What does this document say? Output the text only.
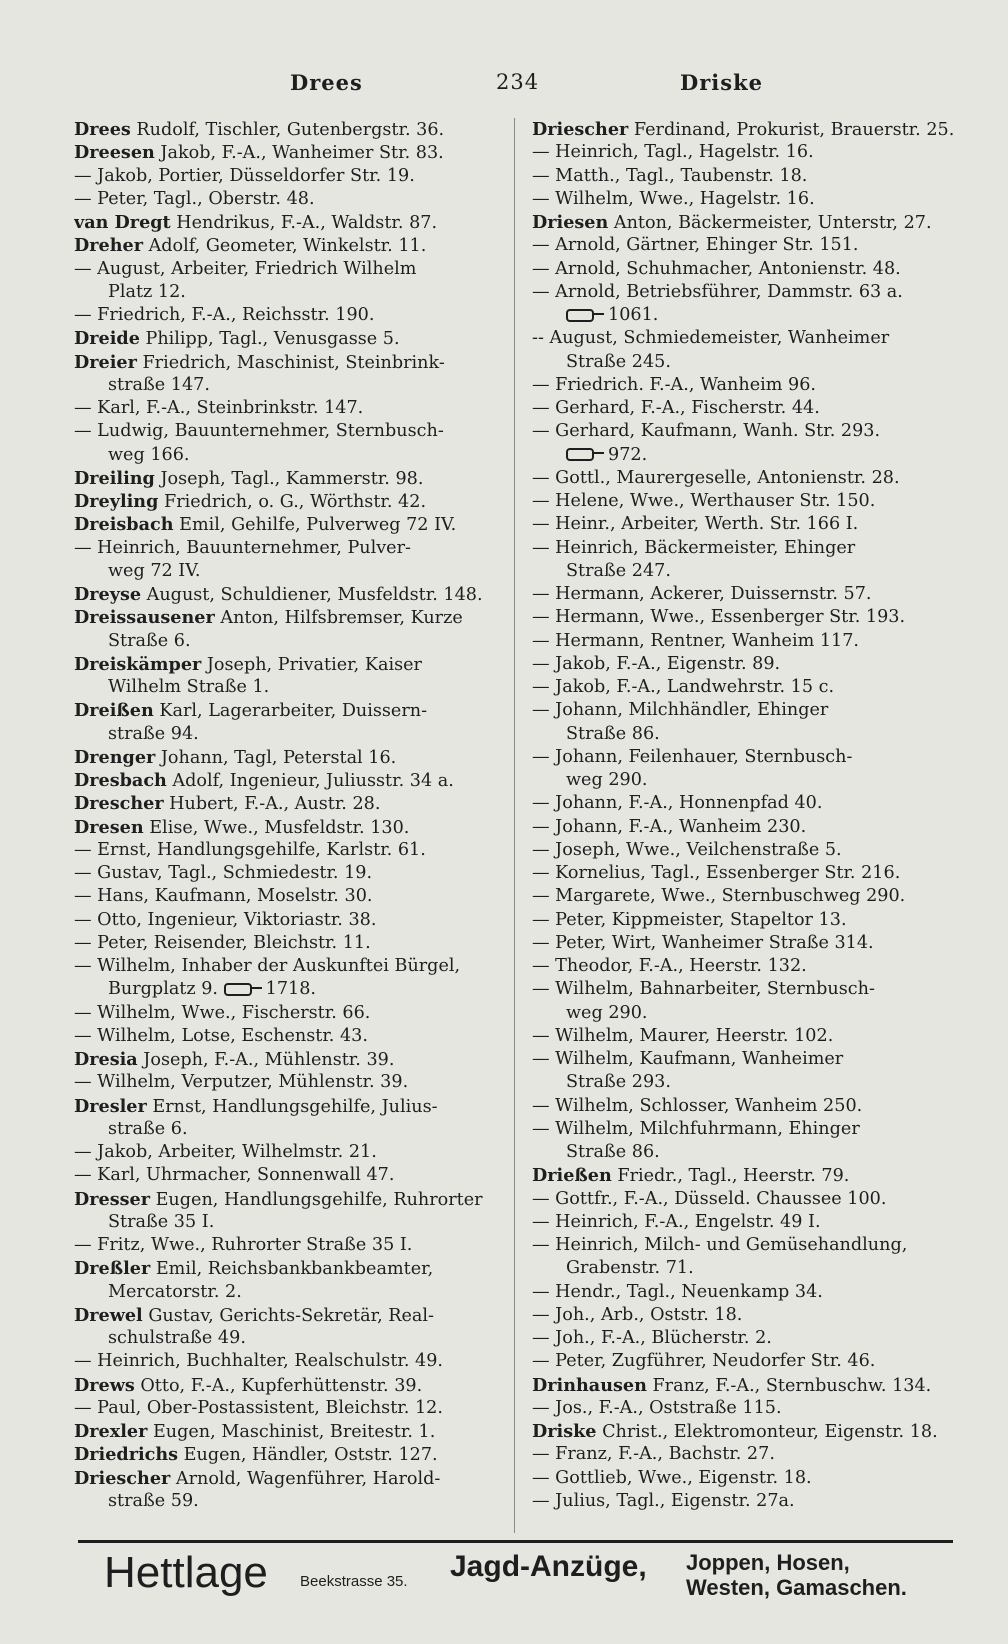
Drees	234	Driske
Drees Rudolf, Tischler, Gutenbergstr. 36.
Dreesen Jakob, F.-A., Wanheimer Str. 83.
— Jakob, Portier, Düsseldorfer Str. 19.
— Peter, Tagl., Oberstr. 48.
van Dregt Hendrikus, F.-A., Waldstr. 87.
Dreher Adolf, Geometer, Winkelstr. 11.
— August, Arbeiter, Friedrich Wilhelm
Platz 12.
— Friedrich, F.-A., Reichsstr. 190.
Dreide Philipp, Tagl., Venusgasse 5.
Dreier Friedrich, Maschinist, Steinbrink-
straße 147.
— Karl, F.-A., Steinbrinkstr. 147.
— Ludwig, Bauunternehmer, Sternbusch-
weg 166.
Dreiling Joseph, Tagl., Kammerstr. 98.
Dreyling Friedrich, o. G., Wörthstr. 42.
Dreisbach Emil, Gehilfe, Pulverweg 72 IV.
— Heinrich, Bauunternehmer, Pulver-
weg 72 IV.
Dreyse August, Schuldiener, Musfeldstr. 148.
Dreissausener Anton, Hilfsbremser, Kurze
Straße 6.
Dreiskämper Joseph, Privatier, Kaiser
Wilhelm Straße 1.
Dreißen Karl, Lagerarbeiter, Duissern-
straße 94.
Drenger Johann, Tagl, Peterstal 16.
Dresbach Adolf, Ingenieur, Juliusstr. 34 a.
Drescher Hubert, F.-A., Austr. 28.
Dresen Elise, Wwe., Musfeldstr. 130.
— Ernst, Handlungsgehilfe, Karlstr. 61.
— Gustav, Tagl., Schmiedestr. 19.
— Hans, Kaufmann, Moselstr. 30.
— Otto, Ingenieur, Viktoriastr. 38.
— Peter, Reisender, Bleichstr. 11.
— Wilhelm, Inhaber der Auskunftei Bürgel,
Burgplatz 9.	1718.
— Wilhelm, Wwe., Fischerstr. 66.
— Wilhelm, Lotse, Eschenstr. 43.
Dresia Joseph, F.-A., Mühlenstr. 39.
— Wilhelm, Verputzer, Mühlenstr. 39.
Dresler Ernst, Handlungsgehilfe, Julius-
straße 6.
— Jakob, Arbeiter, Wilhelmstr. 21.
— Karl, Uhrmacher, Sonnenwall 47.
Dresser Eugen, Handlungsgehilfe, Ruhrorter
Straße 35 I.
— Fritz, Wwe., Ruhrorter Straße 35 I.
Dreßler Emil, Reichsbankbankbeamter,
Mercatorstr. 2.
Drewel Gustav, Gerichts-Sekretär, Real-
schulstraße 49.
— Heinrich, Buchhalter, Realschulstr. 49.
Drews Otto, F.-A., Kupferhüttenstr. 39.
— Paul, Ober-Postassistent, Bleichstr. 12.
Drexler Eugen, Maschinist, Breitestr. 1.
Driedrichs Eugen, Händler, Oststr. 127.
Driescher Arnold, Wagenführer, Harold-
straße 59.
Driescher Ferdinand, Prokurist, Brauerstr. 25.
— Heinrich, Tagl., Hagelstr. 16.
— Matth., Tagl., Taubenstr. 18.
— Wilhelm, Wwe., Hagelstr. 16.
Driesen Anton, Bäckermeister, Unterstr, 27.
— Arnold, Gärtner, Ehinger Str. 151.
— Arnold, Schuhmacher, Antonienstr. 48.
— Arnold, Betriebsführer, Dammstr. 63 a.
1061.
-- August, Schmiedemeister, Wanheimer
Straße 245.
— Friedrich. F.-A., Wanheim 96.
— Gerhard, F.-A., Fischerstr. 44.
— Gerhard, Kaufmann, Wanh. Str. 293.
972.
— Gottl., Maurergeselle, Antonienstr. 28.
— Helene, Wwe., Werthauser Str. 150.
— Heinr., Arbeiter, Werth. Str. 166 I.
— Heinrich, Bäckermeister, Ehinger
Straße 247.
— Hermann, Ackerer, Duissernstr. 57.
— Hermann, Wwe., Essenberger Str. 193.
— Hermann, Rentner, Wanheim 117.
— Jakob, F.-A., Eigenstr. 89.
— Jakob, F.-A., Landwehrstr. 15 c.
— Johann, Milchhändler, Ehinger
Straße 86.
— Johann, Feilenhauer, Sternbusch-
weg 290.
— Johann, F.-A., Honnenpfad 40.
— Johann, F.-A., Wanheim 230.
— Joseph, Wwe., Veilchenstraße 5.
— Kornelius, Tagl., Essenberger Str. 216.
— Margarete, Wwe., Sternbuschweg 290.
— Peter, Kippmeister, Stapeltor 13.
— Peter, Wirt, Wanheimer Straße 314.
— Theodor, F.-A., Heerstr. 132.
— Wilhelm, Bahnarbeiter, Sternbusch-
weg 290.
— Wilhelm, Maurer, Heerstr. 102.
— Wilhelm, Kaufmann, Wanheimer
Straße 293.
— Wilhelm, Schlosser, Wanheim 250.
— Wilhelm, Milchfuhrmann, Ehinger
Straße 86.
Drießen Friedr., Tagl., Heerstr. 79.
— Gottfr., F.-A., Düsseld. Chaussee 100.
— Heinrich, F.-A., Engelstr. 49 I.
— Heinrich, Milch- und Gemüsehandlung,
Grabenstr. 71.
— Hendr., Tagl., Neuenkamp 34.
— Joh., Arb., Oststr. 18.
— Joh., F.-A., Blücherstr. 2.
— Peter, Zugführer, Neudorfer Str. 46.
Drinhausen Franz, F.-A., Sternbuschw. 134.
— Jos., F.-A., Oststraße 115.
Driske Christ., Elektromonteur, Eigenstr. 18.
— Franz, F.-A., Bachstr. 27.
— Gottlieb, Wwe., Eigenstr. 18.
— Julius, Tagl., Eigenstr. 27a.
Hettlage Beekstrasse 35. Jagd-Anzüge, Joppen, Hosen,
Westen, Gamaschen.
